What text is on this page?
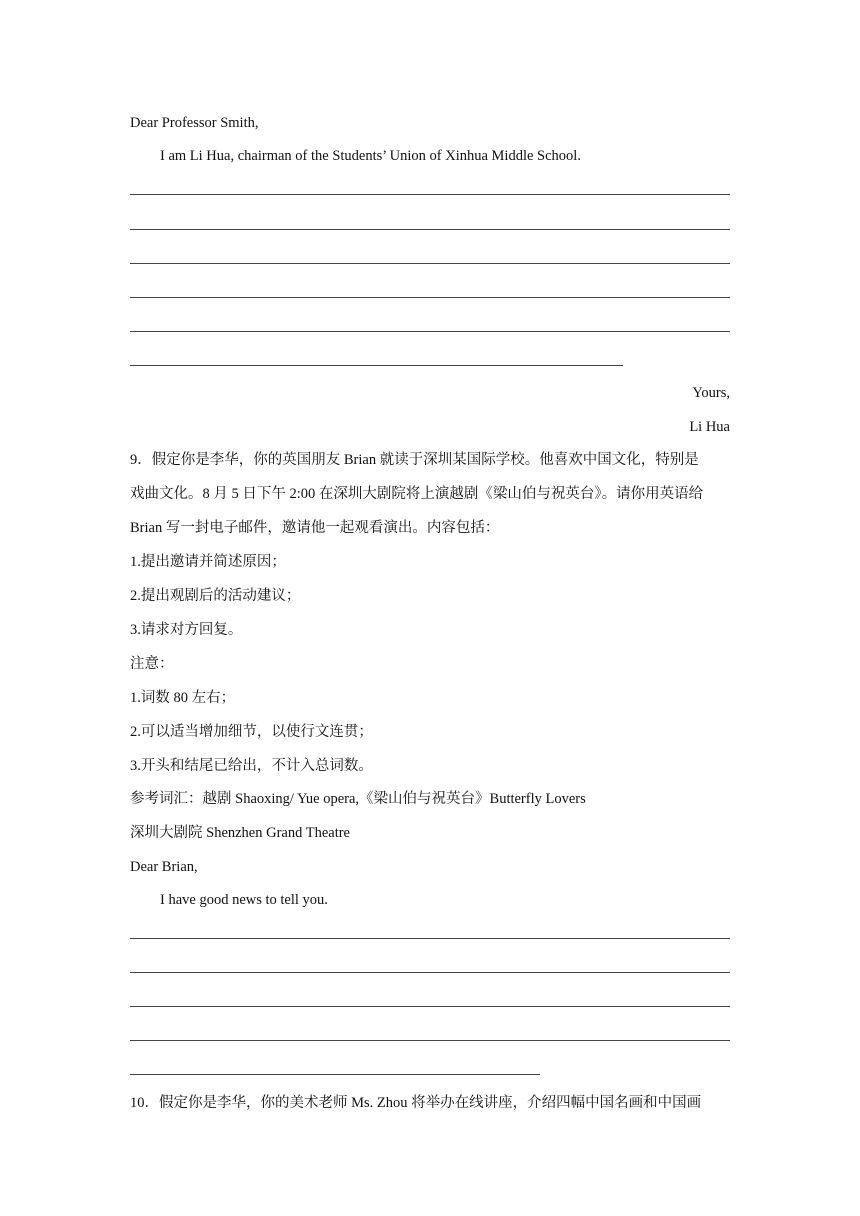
Dear Professor Smith,
I am Li Hua, chairman of the Students’ Union of Xinhua Middle School.
Yours,
Li Hua
9．假定你是李华，你的英国朋友 Brian 就读于深圳某国际学校。他喜欢中国文化，特别是
戏曲文化。8 月 5 日下午 2:00 在深圳大剧院将上演越剧《梁山伯与祝英台》。请你用英语给
Brian 写一封电子邮件，邀请他一起观看演出。内容包括：
1.提出邀请并简述原因；
2.提出观剧后的活动建议；
3.请求对方回复。
注意：
1.词数 80 左右；
2.可以适当增加细节，以使行文连贯；
3.开头和结尾已给出，不计入总词数。
参考词汇：越剧 Shaoxing/ Yue opera,《梁山伯与祝英台》Butterfly Lovers
深圳大剧院 Shenzhen Grand Theatre
Dear Brian,
I have good news to tell you.
10．假定你是李华，你的美术老师 Ms. Zhou 将举办在线讲座，介绍四幅中国名画和中国画
